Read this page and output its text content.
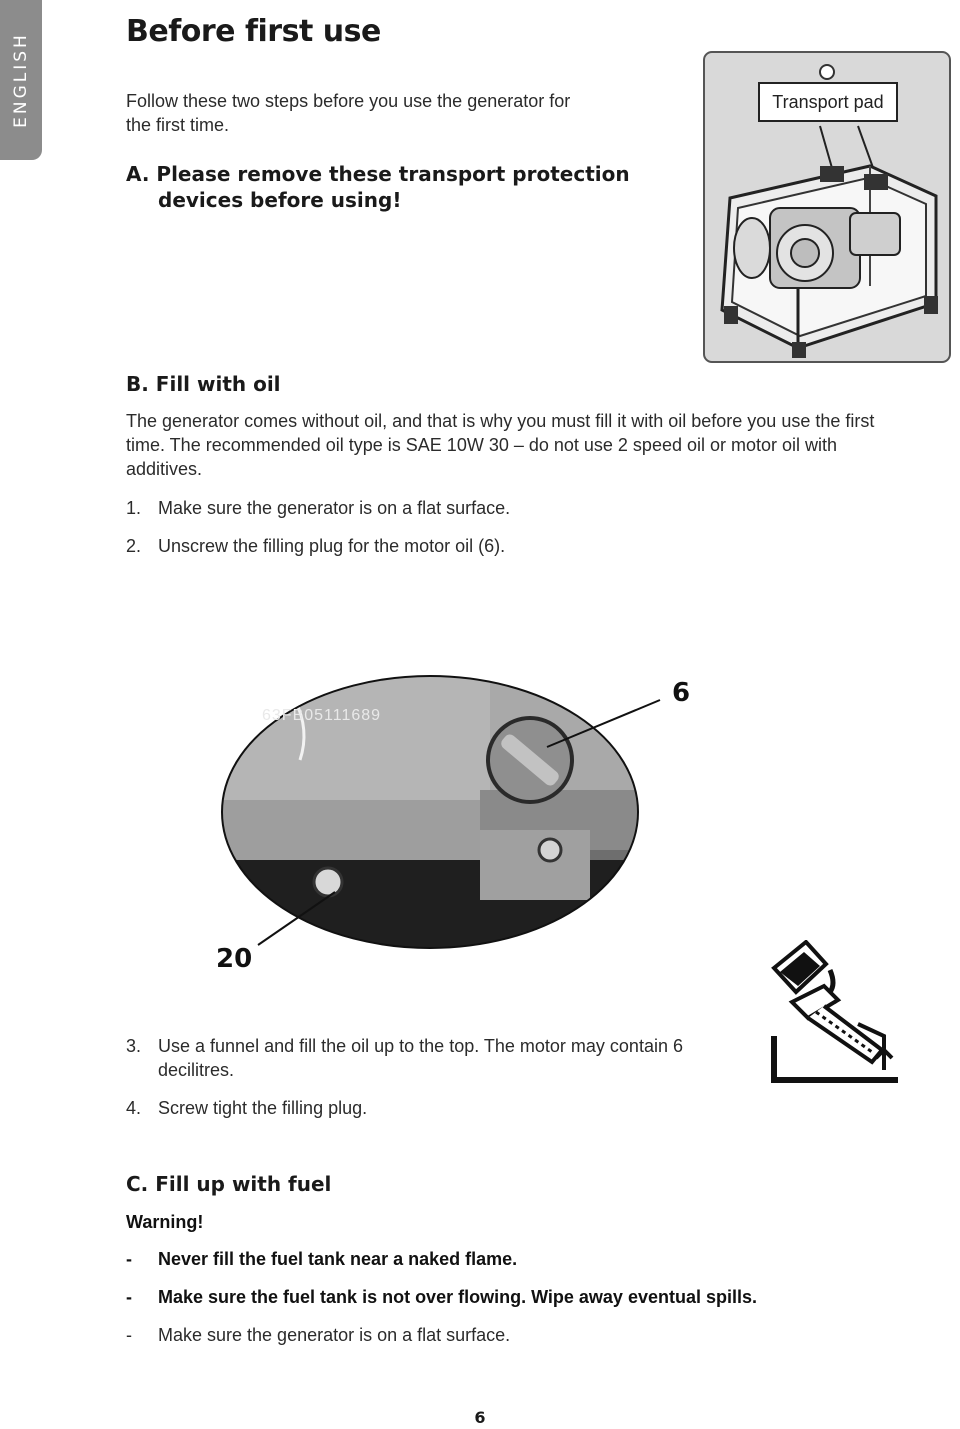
ENGLISH
Before first use

Follow these two steps before you use the generator for

the first time.

A. Please remove these transport protection

devices before using!

Transport pad

B. Fill with oil

The generator comes without oil, and that is why you must fill it with oil before you use the first

time. The recommended oil type is SAE 10W 30 – do not use 2 speed oil or motor oil with

additives.

1. Make sure the generator is on a flat surface.

2. Unscrew the filling plug for the motor oil (6).

63FB05111689
6
20
3. Use a funnel and fill the oil up to the top. The motor may contain 6

decilitres.

4. Screw tight the filling plug.

C. Fill up with fuel

Warning!

- Never fill the fuel tank near a naked flame.

- Make sure the fuel tank is not over flowing. Wipe away eventual spills.

- Make sure the generator is on a flat surface.

6
